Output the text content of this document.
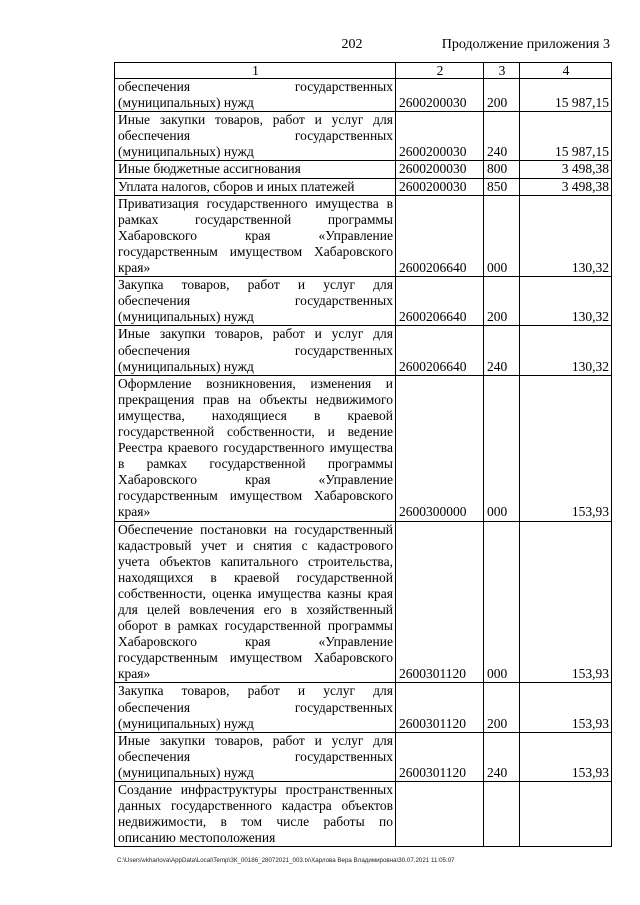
202	Продолжение приложения 3
1	2	3	4
обеспечения государственных (муниципальных) нужд	2600200030	200	15 987,15
Иные закупки товаров, работ и услуг для обеспечения государственных (муниципальных) нужд	2600200030	240	15 987,15
Иные бюджетные ассигнования	2600200030	800	3 498,38
Уплата налогов, сборов и иных платежей	2600200030	850	3 498,38
Приватизация государственного имущества в рамках государственной программы Хабаровского края «Управление государственным имуществом Хабаровского края»	2600206640	000	130,32
Закупка товаров, работ и услуг для обеспечения государственных (муниципальных) нужд	2600206640	200	130,32
Иные закупки товаров, работ и услуг для обеспечения государственных (муниципальных) нужд	2600206640	240	130,32
Оформление возникновения, изменения и прекращения прав на объекты недвижимого имущества, находящиеся в краевой государственной собственности, и ведение Реестра краевого государственного имущества в рамках государственной программы Хабаровского края «Управление государственным имуществом Хабаровского края»	2600300000	000	153,93
Обеспечение постановки на государственный кадастровый учет и снятия с кадастрового учета объектов капитального строительства, находящихся в краевой государственной собственности, оценка имущества казны края для целей вовлечения его в хозяйственный оборот в рамках государственной программы Хабаровского края «Управление государственным имуществом Хабаровского края»	2600301120	000	153,93
Закупка товаров, работ и услуг для обеспечения государственных (муниципальных) нужд	2600301120	200	153,93
Иные закупки товаров, работ и услуг для обеспечения государственных (муниципальных) нужд	2600301120	240	153,93
Создание инфраструктуры пространственных данных государственного кадастра объектов недвижимости, в том числе работы по описанию местоположения			
C:\Users\vkharlova\AppData\Local\Temp\ЗК_00186_28072021_003.tx\Харлова Вера Владимировна\30.07.2021 11:05:07
